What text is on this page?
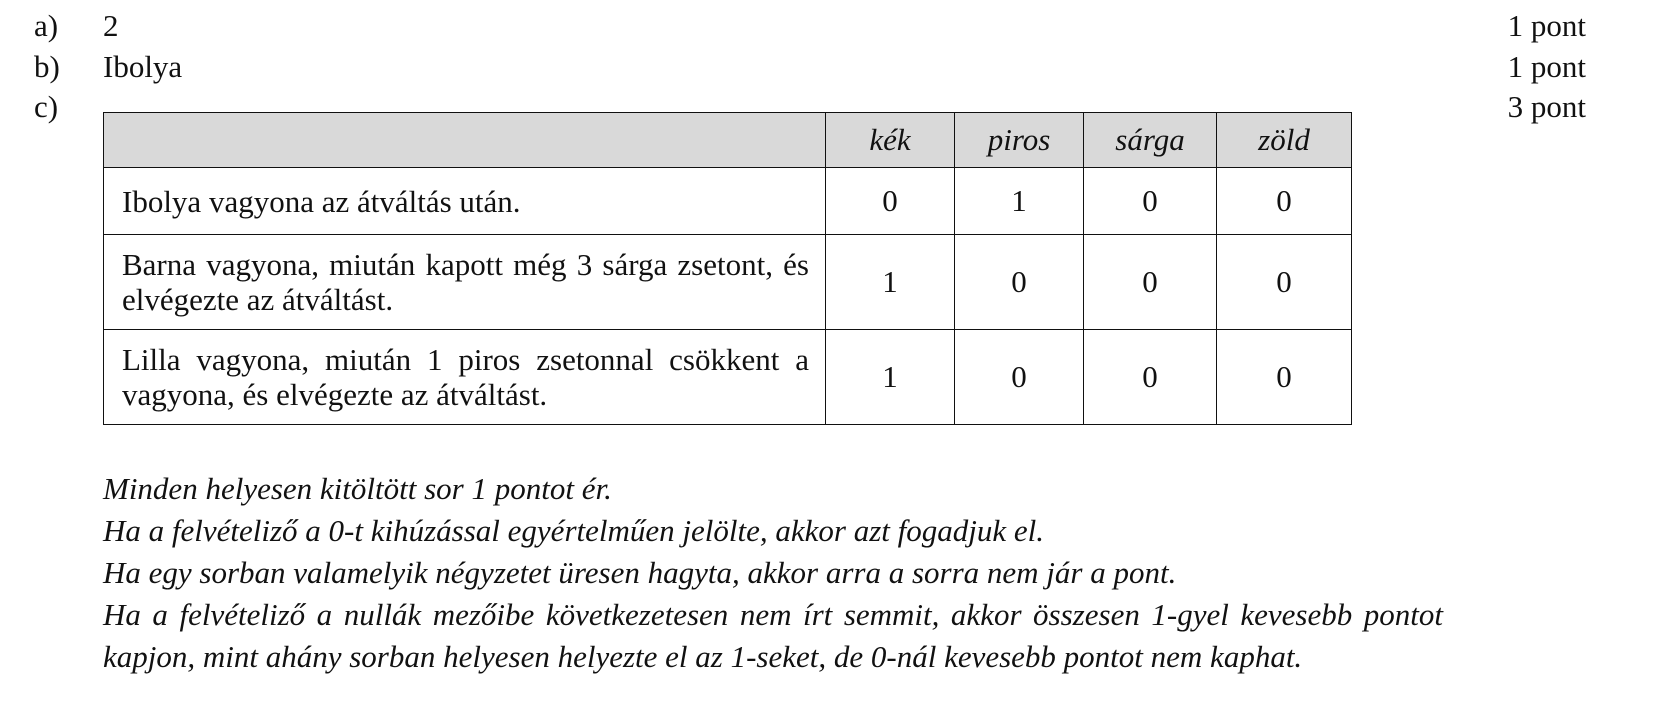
a) 2	1 pont
b) Ibolya	1 pont
c)	3 pont
	kék	piros	sárga	zöld
Ibolya vagyona az átváltás után.	0	1	0	0
Barna vagyona, miután kapott még 3 sárga zsetont, és elvégezte az átváltást.	1	0	0	0
Lilla vagyona, miután 1 piros zsetonnal csökkent a vagyona, és elvégezte az átváltást.	1	0	0	0
Minden helyesen kitöltött sor 1 pontot ér.
Ha a felvételiző a 0-t kihúzással egyértelműen jelölte, akkor azt fogadjuk el.
Ha egy sorban valamelyik négyzetet üresen hagyta, akkor arra a sorra nem jár a pont.
Ha a felvételiző a nullák mezőibe következetesen nem írt semmit, akkor összesen 1-gyel kevesebb pontot kapjon, mint ahány sorban helyesen helyezte el az 1-seket, de 0-nál kevesebb pontot nem kaphat.
